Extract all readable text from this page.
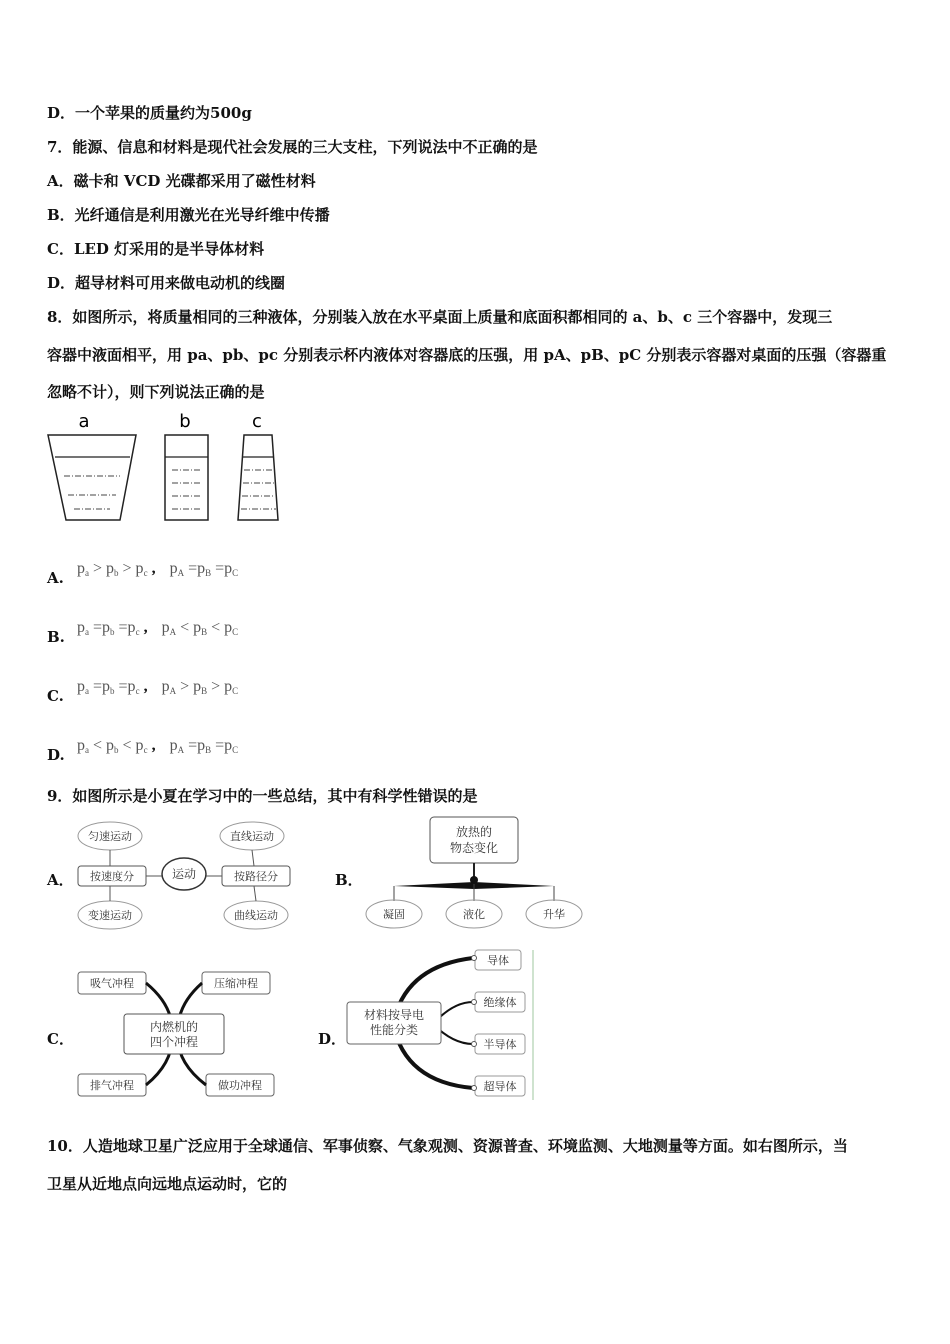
D．一个苹果的质量约为500g
7．能源、信息和材料是现代社会发展的三大支柱，下列说法中不正确的是
A．磁卡和 VCD 光碟都采用了磁性材料
B．光纤通信是利用激光在光导纤维中传播
C．LED 灯采用的是半导体材料
D．超导材料可用来做电动机的线圈
8．如图所示，将质量相同的三种液体，分别装入放在水平桌面上质量和底面积都相同的 a、b、c 三个容器中，发现三
容器中液面相平，用 pa、pb、pc 分别表示杯内液体对容器底的压强，用 pA、pB、pC 分别表示容器对桌面的压强（容器重
忽略不计），则下列说法正确的是
a	b	c
A.
$p_a > p_b > p_c$ , $p_A =p_B =p_C$
B.
$p_a =p_b =p_c$ , $p_A < p_B < p_C$
C.
$p_a =p_b =p_c$ , $p_A > p_B > p_C$
D.
$p_a < p_b < p_c$ , $p_A =p_B =p_C$
9．如图所示是小夏在学习中的一些总结，其中有科学性错误的是
A．
匀速运动
变速运动
直线运动
曲线运动
按速度分	按路径分
运动	B．
放热的
物态变化
凝固	液化	升华
C．
吸气冲程	压缩冲程
排气冲程	做功冲程
内燃机的
四个冲程	D．
材料按导电
性能分类
导体
绝缘体
半导体
超导体
10．人造地球卫星广泛应用于全球通信、军事侦察、气象观测、资源普查、环境监测、大地测量等方面。如右图所示，当
卫星从近地点向远地点运动时，它的
